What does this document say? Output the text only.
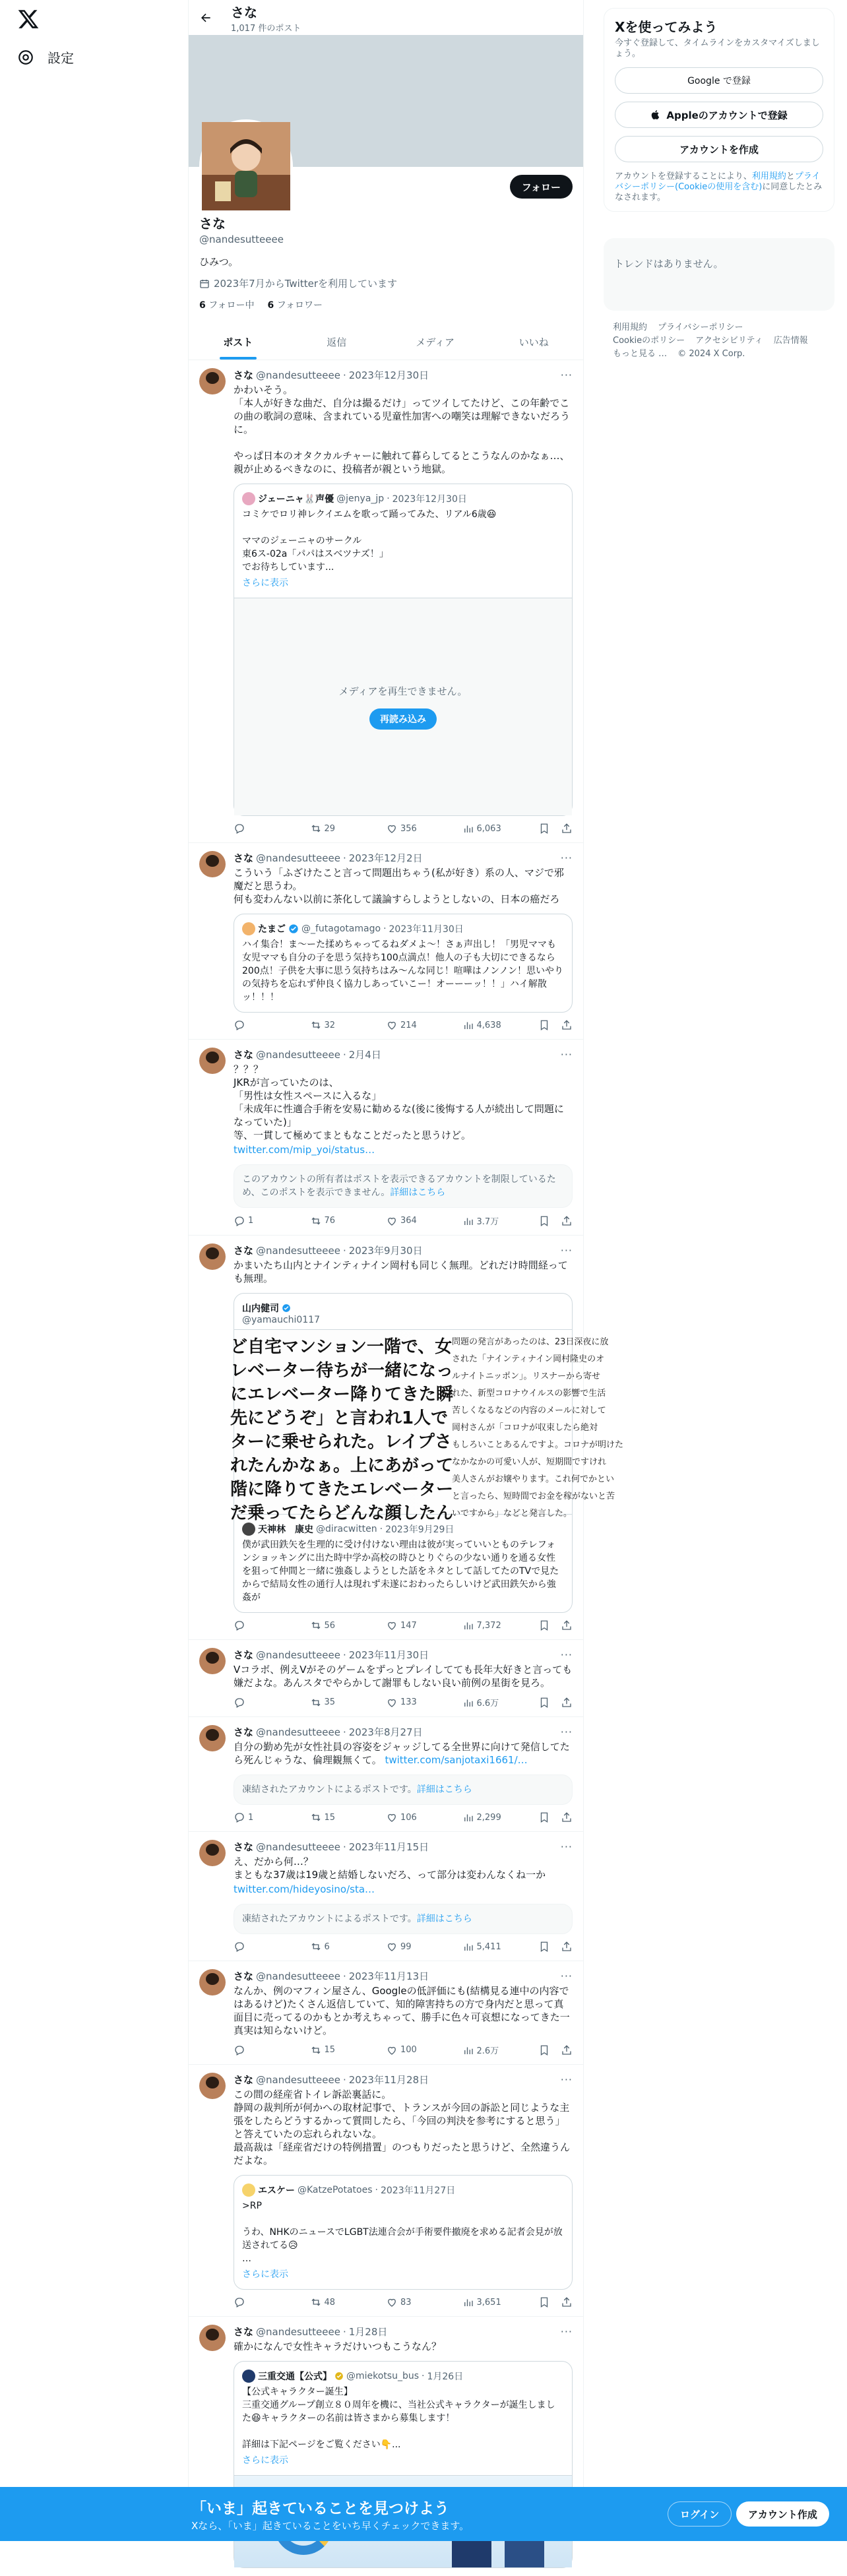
設定
さな
1,017 件のポスト
フォロー
さな
@nandesutteeee
ひみつ。
2023年7月からTwitterを利用しています
6 フォロー中 6 フォロワー
ポスト	返信	メディア	いいね
さな @nandesutteeee · 2023年12月30日	···
かわいそう。
「本人が好きな曲だ、自分は撮るだけ」ってツイしてたけど、この年齢でこの曲の歌詞の意味、含まれている児童性加害への嘲笑は理解できないだろうに。

やっぱ日本のオタクカルチャーに触れて暮らしてるとこうなんのかなぁ…、親が止めるべきなのに、投稿者が親という地獄。
ジェーニャ🐰声優 @jenya_jp · 2023年12月30日
コミケでロリ神レクイエムを歌って踊ってみた、リアル6歳😆

ママのジェーニャのサークル
東6ス-02a「パパはスベツナズ！」
でお待ちしています...
さらに表示
メディアを再生できません。
再読み込み
29	356	6,063
さな @nandesutteeee · 2023年12月2日	···
こういう「ふざけたこと言って問題出ちゃう(私が好き）系の人、マジで邪魔だと思うわ。
何も変わんない以前に茶化して議論すらしようとしないの、日本の癌だろ
たまご @_futagotamago · 2023年11月30日
ハイ集合！ま〜ーた揉めちゃってるねダメよ〜！さぁ声出し！「男児ママも女児ママも自分の子を思う気持ち100点満点！他人の子も大切にできるなら200点！子供を大事に思う気持ちはみ〜んな同じ！喧嘩はノンノン！思いやりの気持ちを忘れず仲良く協力しあっていこー！オーーーッ！！」ハイ解散ッ！！！
32	214	4,638
さな @nandesutteeee · 2月4日	···
？？？
JKRが言っていたのは、
「男性は女性スペースに入るな」
「未成年に性適合手術を安易に勧めるな(後に後悔する人が続出して問題になっていた)」
等、一貫して極めてまともなことだったと思うけど。
twitter.com/mip_yoi/status…
このアカウントの所有者はポストを表示できるアカウントを制限しているため、このポストを表示できません。詳細はこちら
1	76	364	3.7万
さな @nandesutteeee · 2023年9月30日	···
かまいたち山内とナインティナイン岡村も同じく無理。どれだけ時間経っても無理。
山内健司
@yamauchi0117
ど自宅マンション一階で、女
レベーター待ちが一緒になっ
にエレベーター降りてきた瞬
先にどうぞ」と言われ1人で
ターに乗せられた。レイプさ
れたんかなぁ。上にあがって
階に降りてきたエレベーター
だ乗ってたらどんな顔したん
問題の発言があったのは、23日深夜に放
された「ナインティナイン岡村隆史のオ
ルナイトニッポン」。リスナーから寄せ
れた、新型コロナウイルスの影響で生活
苦しくなるなどの内容のメールに対して
岡村さんが「コロナが収束したら絶対
もしろいことあるんですよ。コロナが明けた
なかなかの可愛い人が、短期間ですけれ
美人さんがお嬢やります。これ何でかとい
と言ったら、短時間でお金を稼がないと苦
いですから」などと発言した。
天神林　康史 @diracwitten · 2023年9月29日
僕が武田鉄矢を生理的に受け付けない理由は彼が実っていいとものテレフォンショッキングに出た時中学か高校の時ひとりぐらの少ない通りを通る女性を狙って仲間と一緒に強姦しようとした話をネタとして話してたのTVで見たからで結局女性の通行人は現れず未遂におわったらしいけど武田鉄矢から強姦が
56	147	7,372
さな @nandesutteeee · 2023年11月30日	···
Vコラボ、例えVがそのゲームをずっとプレイしてても長年大好きと言っても嫌だよな。あんスタでやらかして謝罪もしない良い前例の星街を見ろ。
35	133	6.6万
さな @nandesutteeee · 2023年8月27日	···
自分の勤め先が女性社員の容姿をジャッジしてる全世界に向けて発信してたら死んじゃうな、倫理観無くて。 twitter.com/sanjotaxi1661/…
凍結されたアカウントによるポストです。詳細はこちら
1	15	106	2,299
さな @nandesutteeee · 2023年11月15日	···
え、だから何…？
まともな37歳は19歳と結婚しないだろ、って部分は変わんなくね一か
twitter.com/hideyosino/sta…
凍結されたアカウントによるポストです。詳細はこちら
6	99	5,411
さな @nandesutteeee · 2023年11月13日	···
なんか、例のマフィン屋さん、Googleの低評価にも(結構見る連中の内容ではあるけど)たくさん返信していて、知的障害持ちの方で身内だと思って真面目に売ってるのかもとか考えちゃって、勝手に色々可哀想になってきた一真実は知らないけど。
15	100	2.6万
さな @nandesutteeee · 2023年11月28日	···
この間の経産省トイレ訴訟裏話に。
静岡の裁判所が何かへの取材記事で、トランスが今回の訴訟と同じような主張をしたらどうするかって質問したら、「今回の判決を参考にすると思う」と答えていたの忘れられないな。
最高裁は「経産省だけの特例措置」のつもりだったと思うけど、全然違うんだよな。
エスケー @KatzePotatoes · 2023年11月27日
>RP

うわ、NHKのニュースでLGBT法連合会が手術要件撤廃を求める記者会見が放送されてる😥
…
さらに表示
48	83	3,651
さな @nandesutteeee · 1月28日	···
確かになんで女性キャラだけいつもこうなん？
三重交通【公式】 @miekotsu_bus · 1月26日
【公式キャラクター誕生】
三重交通グループ創立８０周年を機に、当社公式キャラクターが誕生しました😆キャラクターの名前は皆さまから募集します！

詳細は下記ページをご覧ください👇...
さらに表示
Xを使ってみよう
今すぐ登録して、タイムラインをカスタマイズしましょう。
Google で登録
Appleのアカウントで登録
アカウントを作成
アカウントを登録することにより、利用規約とプライバシーポリシー(Cookieの使用を含む)に同意したとみなされます。
トレンドはありません。
利用規約 プライバシーポリシー
Cookieのポリシー アクセシビリティ 広告情報
もっと見る … © 2024 X Corp.
「いま」起きていることを見つけよう
Xなら、「いま」起きていることをいち早くチェックできます。
ログイン	アカウント作成
